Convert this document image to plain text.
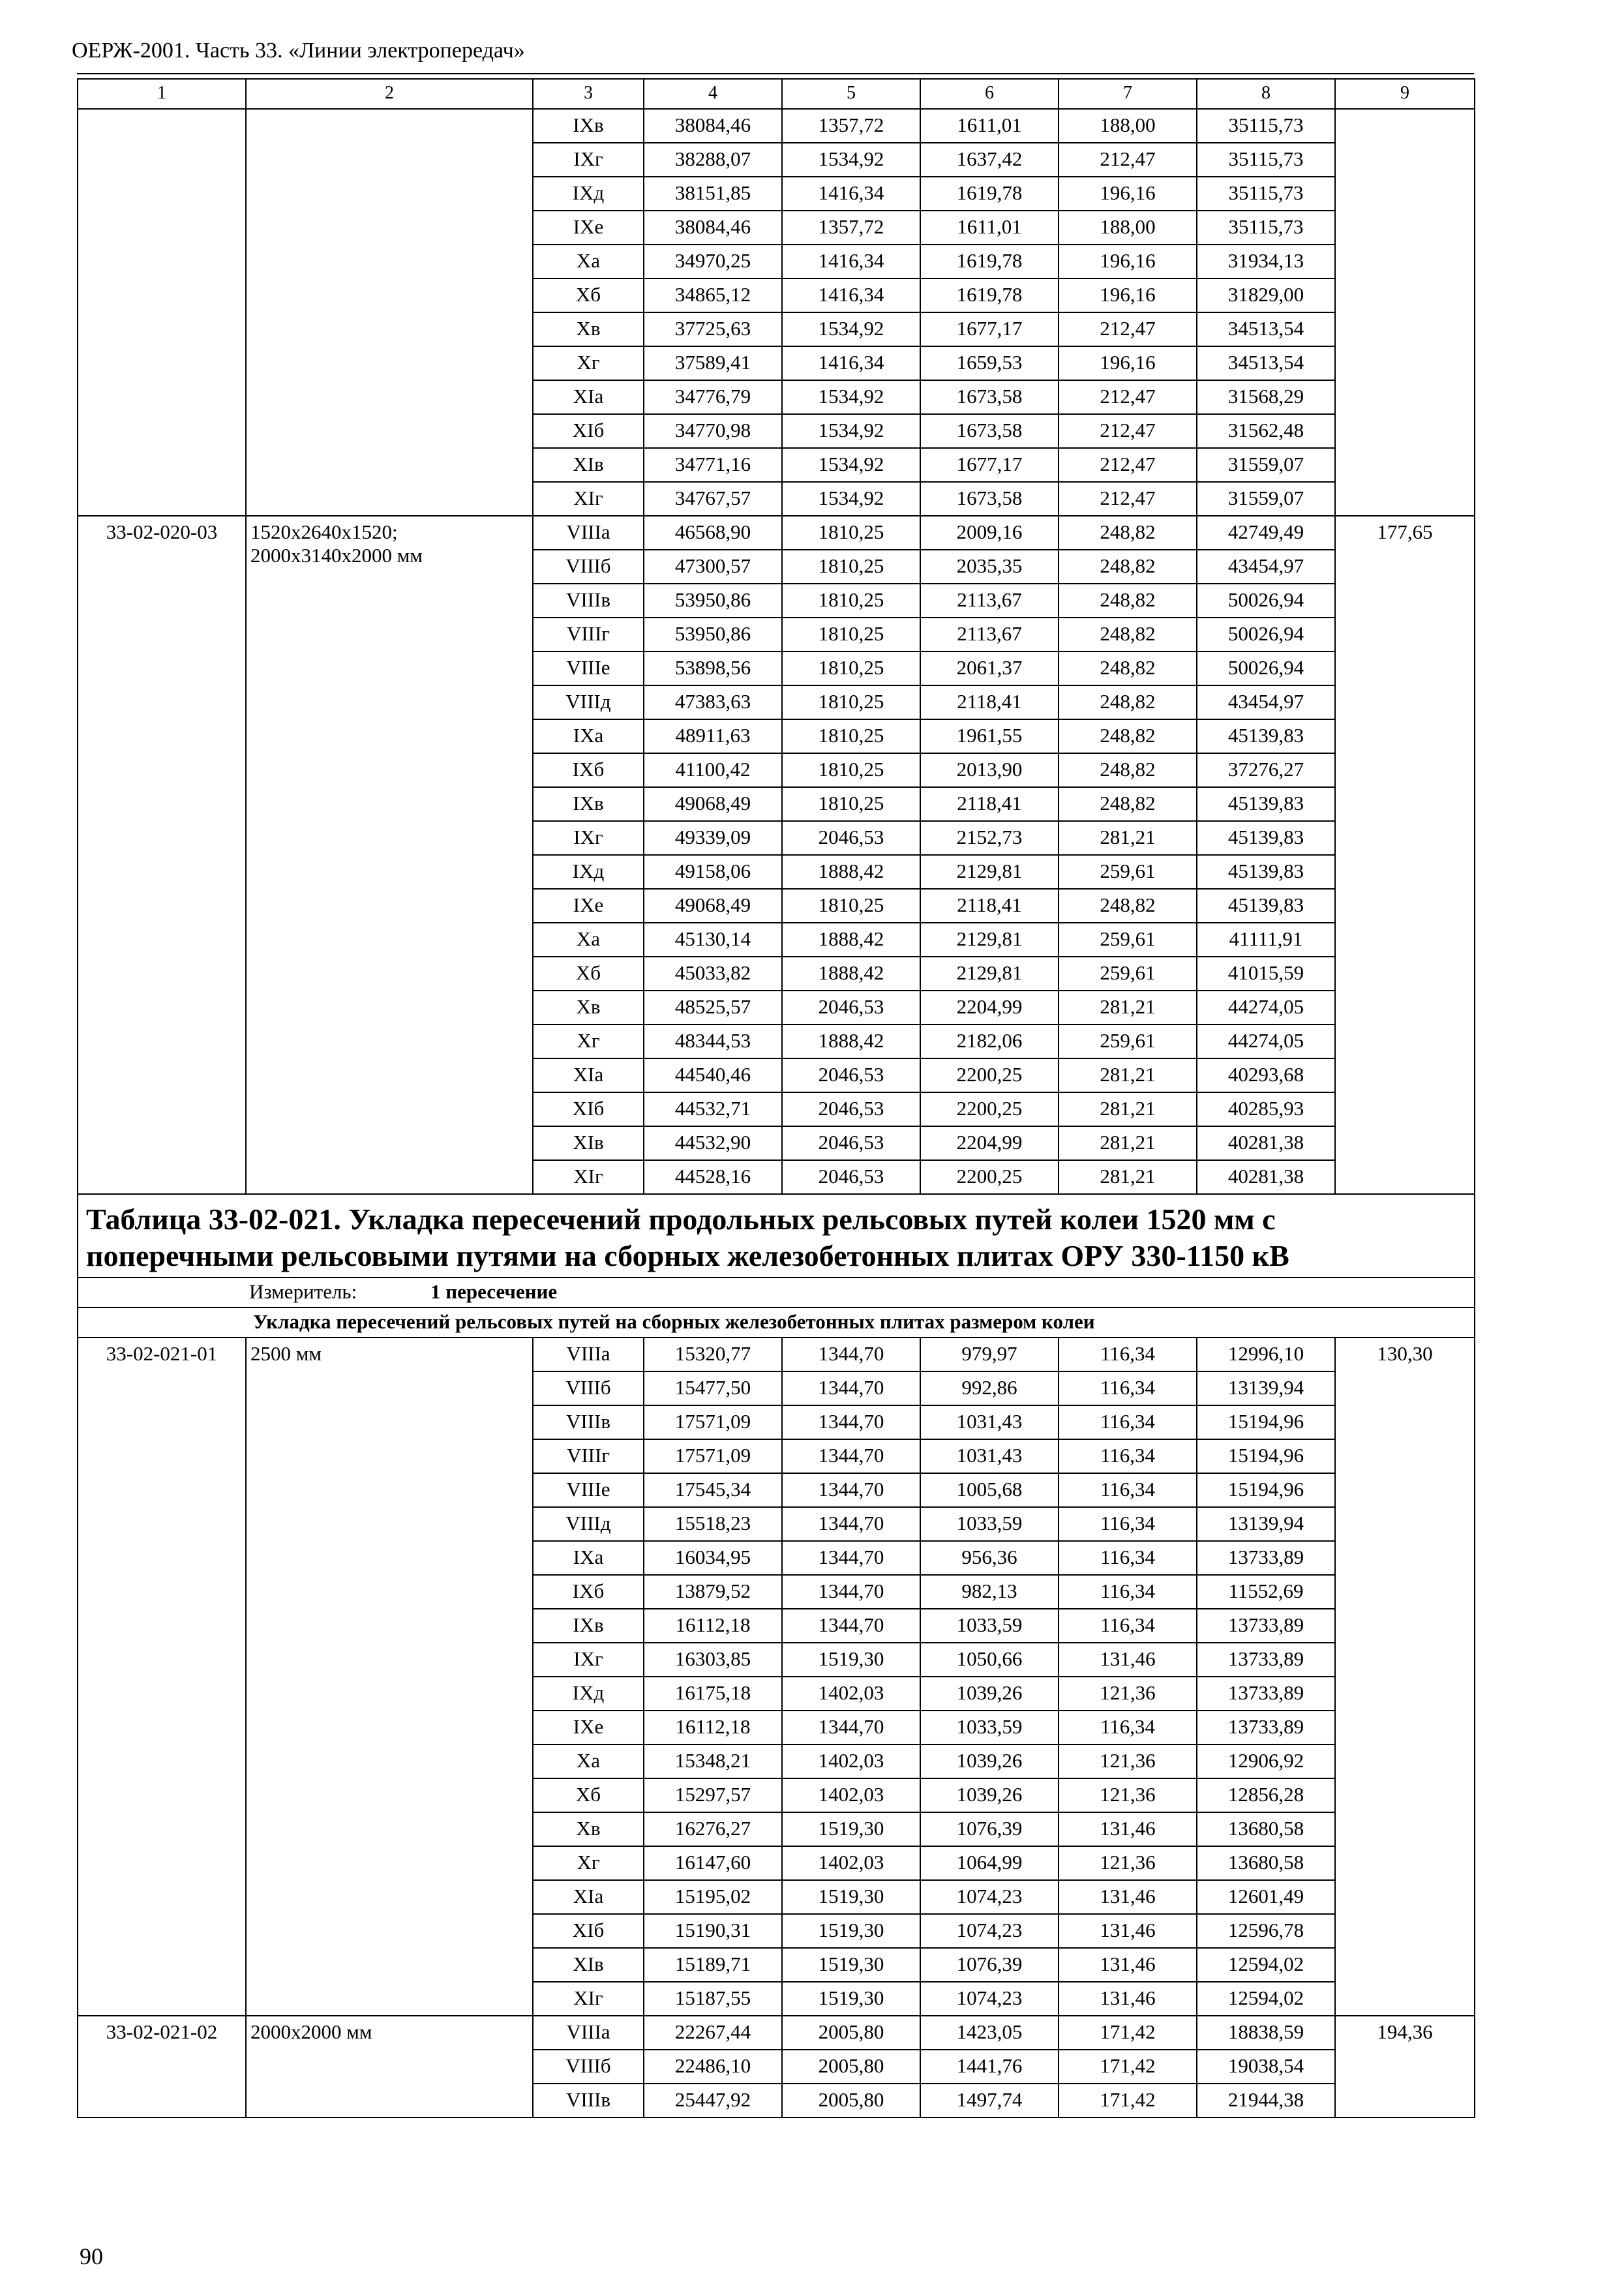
ОЕРЖ-2001. Часть 33. «Линии электропередач»
1	2	3	4	5	6	7	8	9
		IXв	38084,46	1357,72	1611,01	188,00	35115,73	
		IXг	38288,07	1534,92	1637,42	212,47	35115,73	
		IXд	38151,85	1416,34	1619,78	196,16	35115,73	
		IXе	38084,46	1357,72	1611,01	188,00	35115,73	
		Xа	34970,25	1416,34	1619,78	196,16	31934,13	
		Xб	34865,12	1416,34	1619,78	196,16	31829,00	
		Xв	37725,63	1534,92	1677,17	212,47	34513,54	
		Xг	37589,41	1416,34	1659,53	196,16	34513,54	
		XIа	34776,79	1534,92	1673,58	212,47	31568,29	
		XIб	34770,98	1534,92	1673,58	212,47	31562,48	
		XIв	34771,16	1534,92	1677,17	212,47	31559,07	
		XIг	34767,57	1534,92	1673,58	212,47	31559,07	
33-02-020-03	1520х2640х1520; 2000х3140х2000 мм	VIIIа	46568,90	1810,25	2009,16	248,82	42749,49	177,65
		VIIIб	47300,57	1810,25	2035,35	248,82	43454,97	
		VIIIв	53950,86	1810,25	2113,67	248,82	50026,94	
		VIIIг	53950,86	1810,25	2113,67	248,82	50026,94	
		VIIIе	53898,56	1810,25	2061,37	248,82	50026,94	
		VIIIд	47383,63	1810,25	2118,41	248,82	43454,97	
		IXа	48911,63	1810,25	1961,55	248,82	45139,83	
		IXб	41100,42	1810,25	2013,90	248,82	37276,27	
		IXв	49068,49	1810,25	2118,41	248,82	45139,83	
		IXг	49339,09	2046,53	2152,73	281,21	45139,83	
		IXд	49158,06	1888,42	2129,81	259,61	45139,83	
		IXе	49068,49	1810,25	2118,41	248,82	45139,83	
		Xа	45130,14	1888,42	2129,81	259,61	41111,91	
		Xб	45033,82	1888,42	2129,81	259,61	41015,59	
		Xв	48525,57	2046,53	2204,99	281,21	44274,05	
		Xг	48344,53	1888,42	2182,06	259,61	44274,05	
		XIа	44540,46	2046,53	2200,25	281,21	40293,68	
		XIб	44532,71	2046,53	2200,25	281,21	40285,93	
		XIв	44532,90	2046,53	2204,99	281,21	40281,38	
		XIг	44528,16	2046,53	2200,25	281,21	40281,38	
Таблица 33-02-021. Укладка пересечений продольных рельсовых путей колеи 1520 мм с поперечными рельсовыми путями на сборных железобетонных плитах ОРУ 330-1150 кВ								
Измеритель: 1 пересечение								
Укладка пересечений рельсовых путей на сборных железобетонных плитах размером колеи								
33-02-021-01	2500 мм	VIIIа	15320,77	1344,70	979,97	116,34	12996,10	130,30
		VIIIб	15477,50	1344,70	992,86	116,34	13139,94	
		VIIIв	17571,09	1344,70	1031,43	116,34	15194,96	
		VIIIг	17571,09	1344,70	1031,43	116,34	15194,96	
		VIIIе	17545,34	1344,70	1005,68	116,34	15194,96	
		VIIIд	15518,23	1344,70	1033,59	116,34	13139,94	
		IXа	16034,95	1344,70	956,36	116,34	13733,89	
		IXб	13879,52	1344,70	982,13	116,34	11552,69	
		IXв	16112,18	1344,70	1033,59	116,34	13733,89	
		IXг	16303,85	1519,30	1050,66	131,46	13733,89	
		IXд	16175,18	1402,03	1039,26	121,36	13733,89	
		IXе	16112,18	1344,70	1033,59	116,34	13733,89	
		Xа	15348,21	1402,03	1039,26	121,36	12906,92	
		Xб	15297,57	1402,03	1039,26	121,36	12856,28	
		Xв	16276,27	1519,30	1076,39	131,46	13680,58	
		Xг	16147,60	1402,03	1064,99	121,36	13680,58	
		XIа	15195,02	1519,30	1074,23	131,46	12601,49	
		XIб	15190,31	1519,30	1074,23	131,46	12596,78	
		XIв	15189,71	1519,30	1076,39	131,46	12594,02	
		XIг	15187,55	1519,30	1074,23	131,46	12594,02	
33-02-021-02	2000х2000 мм	VIIIа	22267,44	2005,80	1423,05	171,42	18838,59	194,36
		VIIIб	22486,10	2005,80	1441,76	171,42	19038,54	
		VIIIв	25447,92	2005,80	1497,74	171,42	21944,38	
90
